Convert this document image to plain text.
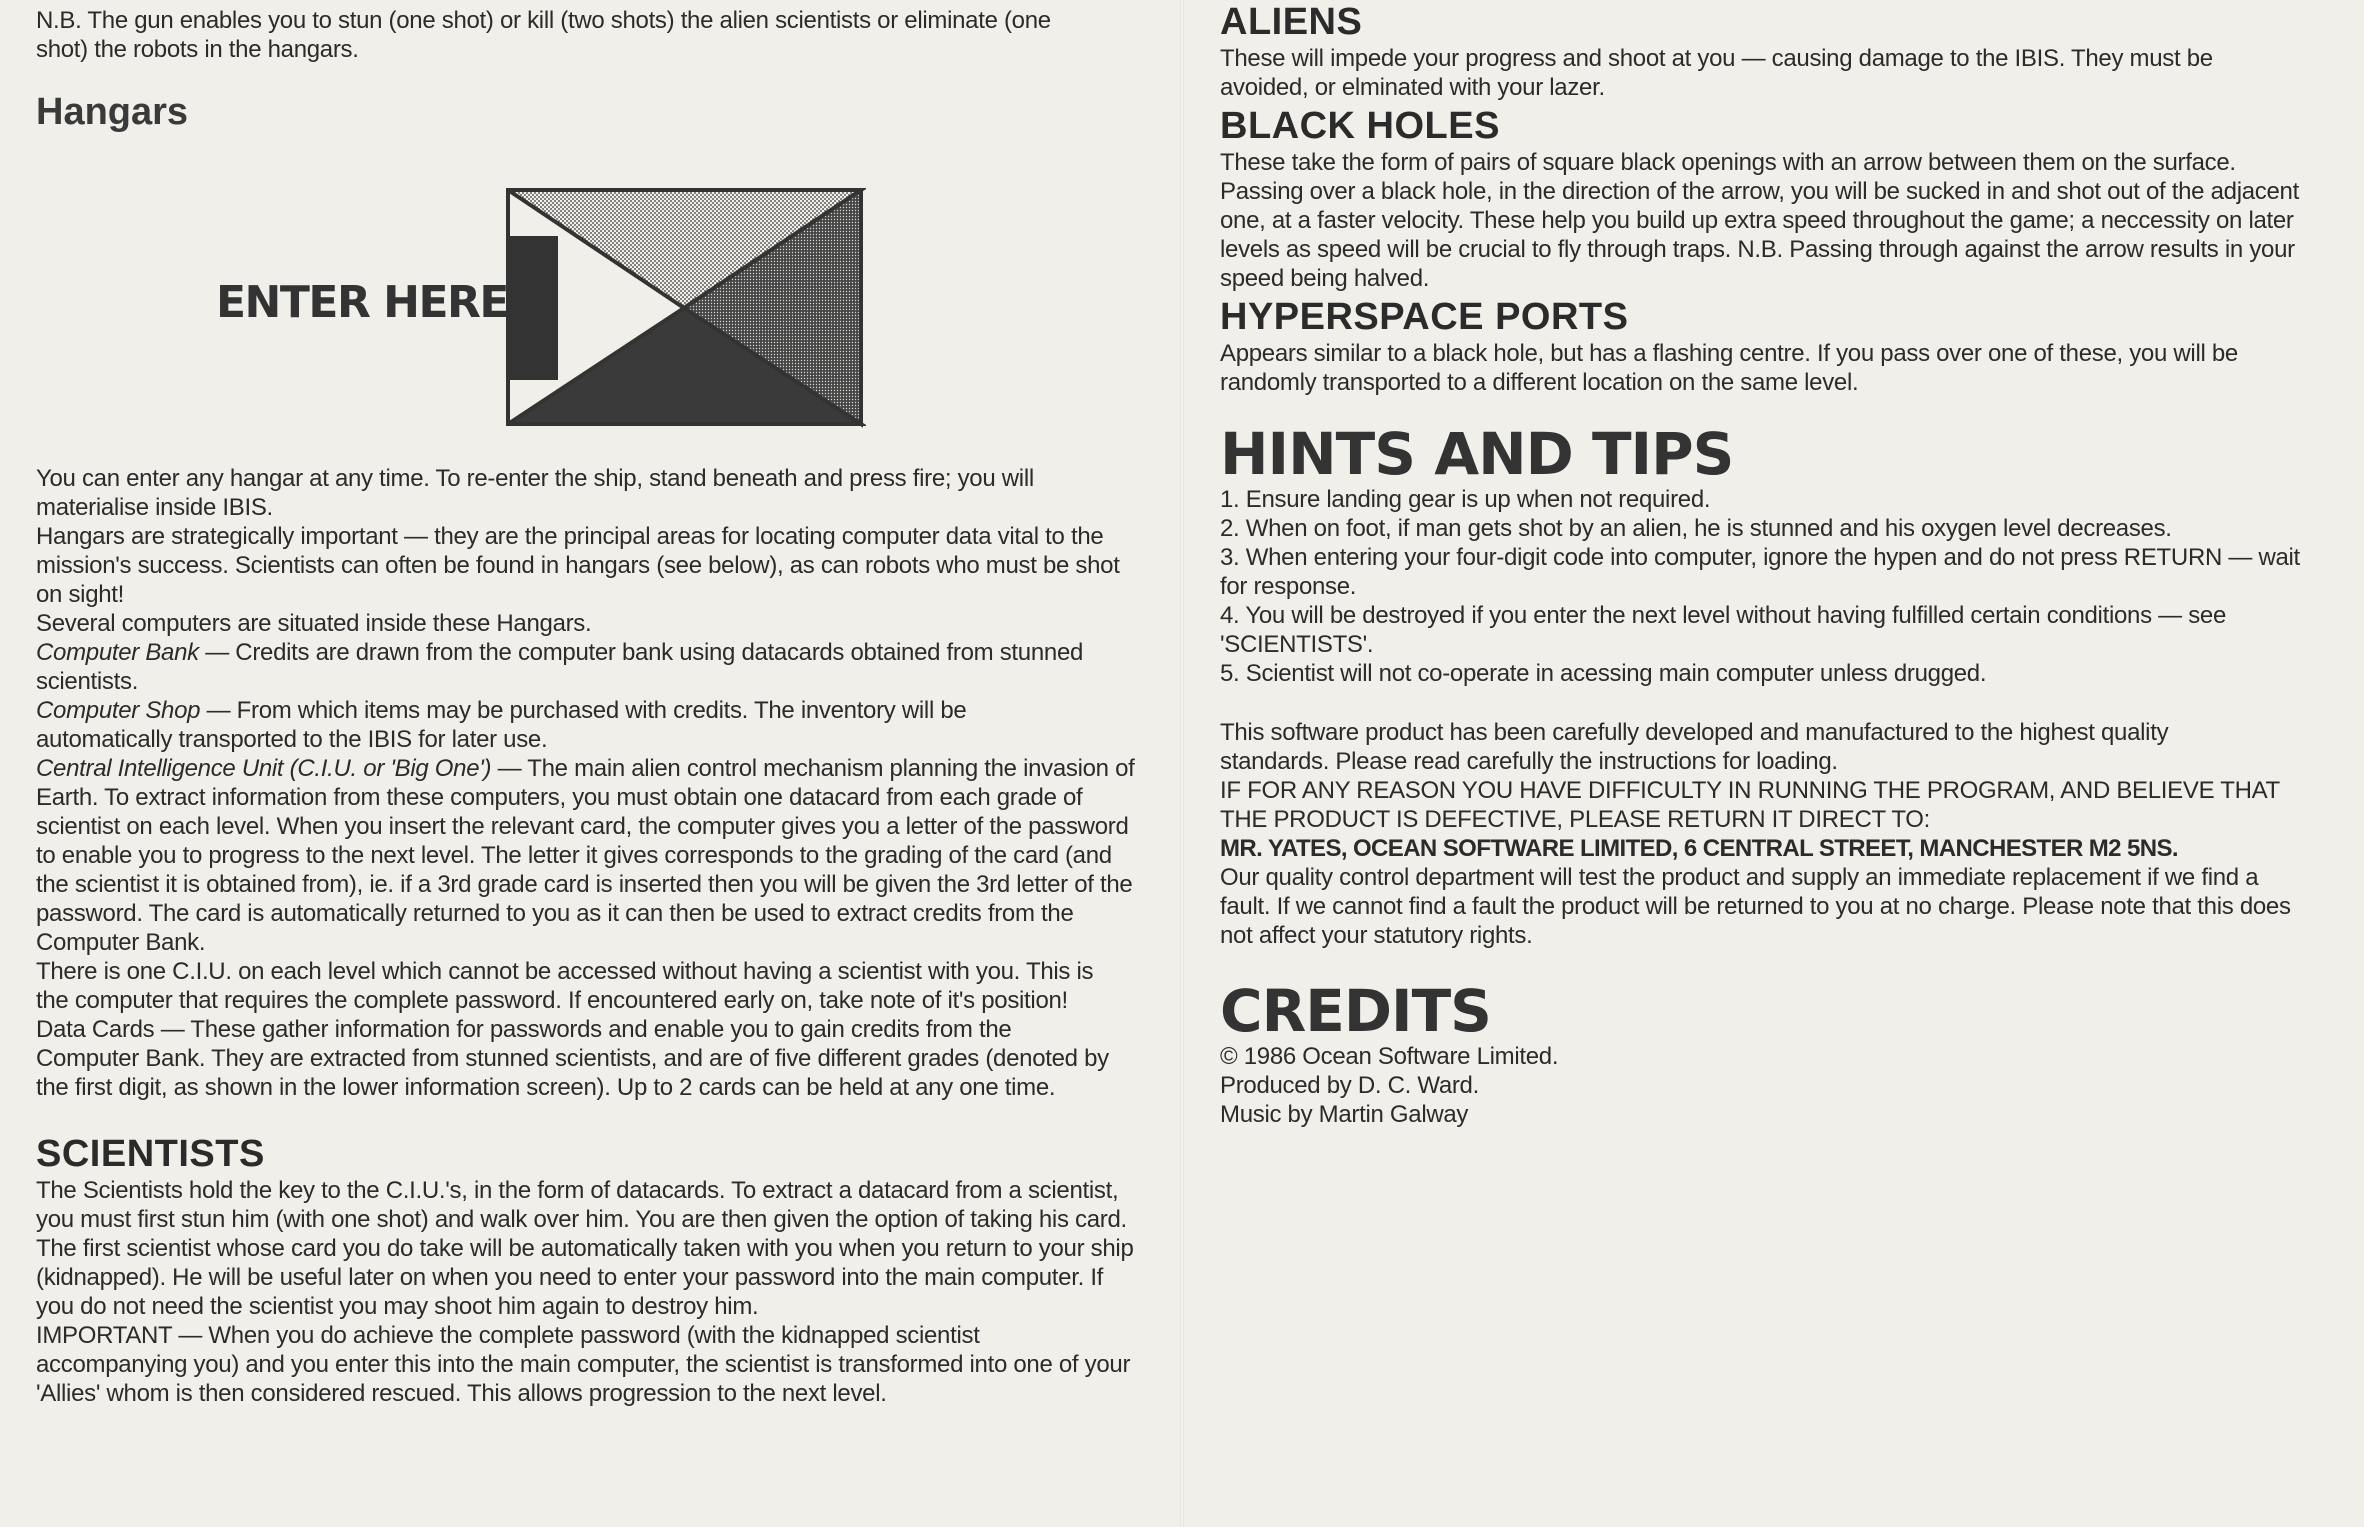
N.B. The gun enables you to stun (one shot) or kill (two shots) the alien scientists or eliminate (one shot) the robots in the hangars.

Hangars
ENTER HERE

You can enter any hangar at any time. To re-enter the ship, stand beneath and press fire; you will materialise inside IBIS.

Hangars are strategically important — they are the principal areas for locating computer data vital to the mission's success. Scientists can often be found in hangars (see below), as can robots who must be shot on sight!

Several computers are situated inside these Hangars.

Computer Bank — Credits are drawn from the computer bank using datacards obtained from stunned scientists.

Computer Shop — From which items may be purchased with credits. The inventory will be automatically transported to the IBIS for later use.

Central Intelligence Unit (C.I.U. or 'Big One') — The main alien control mechanism planning the invasion of Earth. To extract information from these computers, you must obtain one datacard from each grade of scientist on each level. When you insert the relevant card, the computer gives you a letter of the password to enable you to progress to the next level. The letter it gives corresponds to the grading of the card (and the scientist it is obtained from), ie. if a 3rd grade card is inserted then you will be given the 3rd letter of the password. The card is automatically returned to you as it can then be used to extract credits from the Computer Bank.

There is one C.I.U. on each level which cannot be accessed without having a scientist with you. This is the computer that requires the complete password. If encountered early on, take note of it's position!

Data Cards — These gather information for passwords and enable you to gain credits from the Computer Bank. They are extracted from stunned scientists, and are of five different grades (denoted by the first digit, as shown in the lower information screen). Up to 2 cards can be held at any one time.

SCIENTISTS

The Scientists hold the key to the C.I.U.'s, in the form of datacards. To extract a datacard from a scientist, you must first stun him (with one shot) and walk over him. You are then given the option of taking his card. The first scientist whose card you do take will be automatically taken with you when you return to your ship (kidnapped). He will be useful later on when you need to enter your password into the main computer. If you do not need the scientist you may shoot him again to destroy him.

IMPORTANT — When you do achieve the complete password (with the kidnapped scientist accompanying you) and you enter this into the main computer, the scientist is transformed into one of your 'Allies' whom is then considered rescued. This allows progression to the next level.

ALIENS

These will impede your progress and shoot at you — causing damage to the IBIS. They must be avoided, or elminated with your lazer.

BLACK HOLES

These take the form of pairs of square black openings with an arrow between them on the surface. Passing over a black hole, in the direction of the arrow, you will be sucked in and shot out of the adjacent one, at a faster velocity. These help you build up extra speed throughout the game; a neccessity on later levels as speed will be crucial to fly through traps. N.B. Passing through against the arrow results in your speed being halved.

HYPERSPACE PORTS

Appears similar to a black hole, but has a flashing centre. If you pass over one of these, you will be randomly transported to a different location on the same level.

HINTS AND TIPS

1. Ensure landing gear is up when not required.

2. When on foot, if man gets shot by an alien, he is stunned and his oxygen level decreases.

3. When entering your four-digit code into computer, ignore the hypen and do not press RETURN — wait for response.

4. You will be destroyed if you enter the next level without having fulfilled certain conditions — see 'SCIENTISTS'.

5. Scientist will not co-operate in acessing main computer unless drugged.

This software product has been carefully developed and manufactured to the highest quality standards. Please read carefully the instructions for loading.

IF FOR ANY REASON YOU HAVE DIFFICULTY IN RUNNING THE PROGRAM, AND BELIEVE THAT THE PRODUCT IS DEFECTIVE, PLEASE RETURN IT DIRECT TO:

MR. YATES, OCEAN SOFTWARE LIMITED, 6 CENTRAL STREET, MANCHESTER M2 5NS.

Our quality control department will test the product and supply an immediate replacement if we find a fault. If we cannot find a fault the product will be returned to you at no charge. Please note that this does not affect your statutory rights.

CREDITS

© 1986 Ocean Software Limited.

Produced by D. C. Ward.

Music by Martin Galway
